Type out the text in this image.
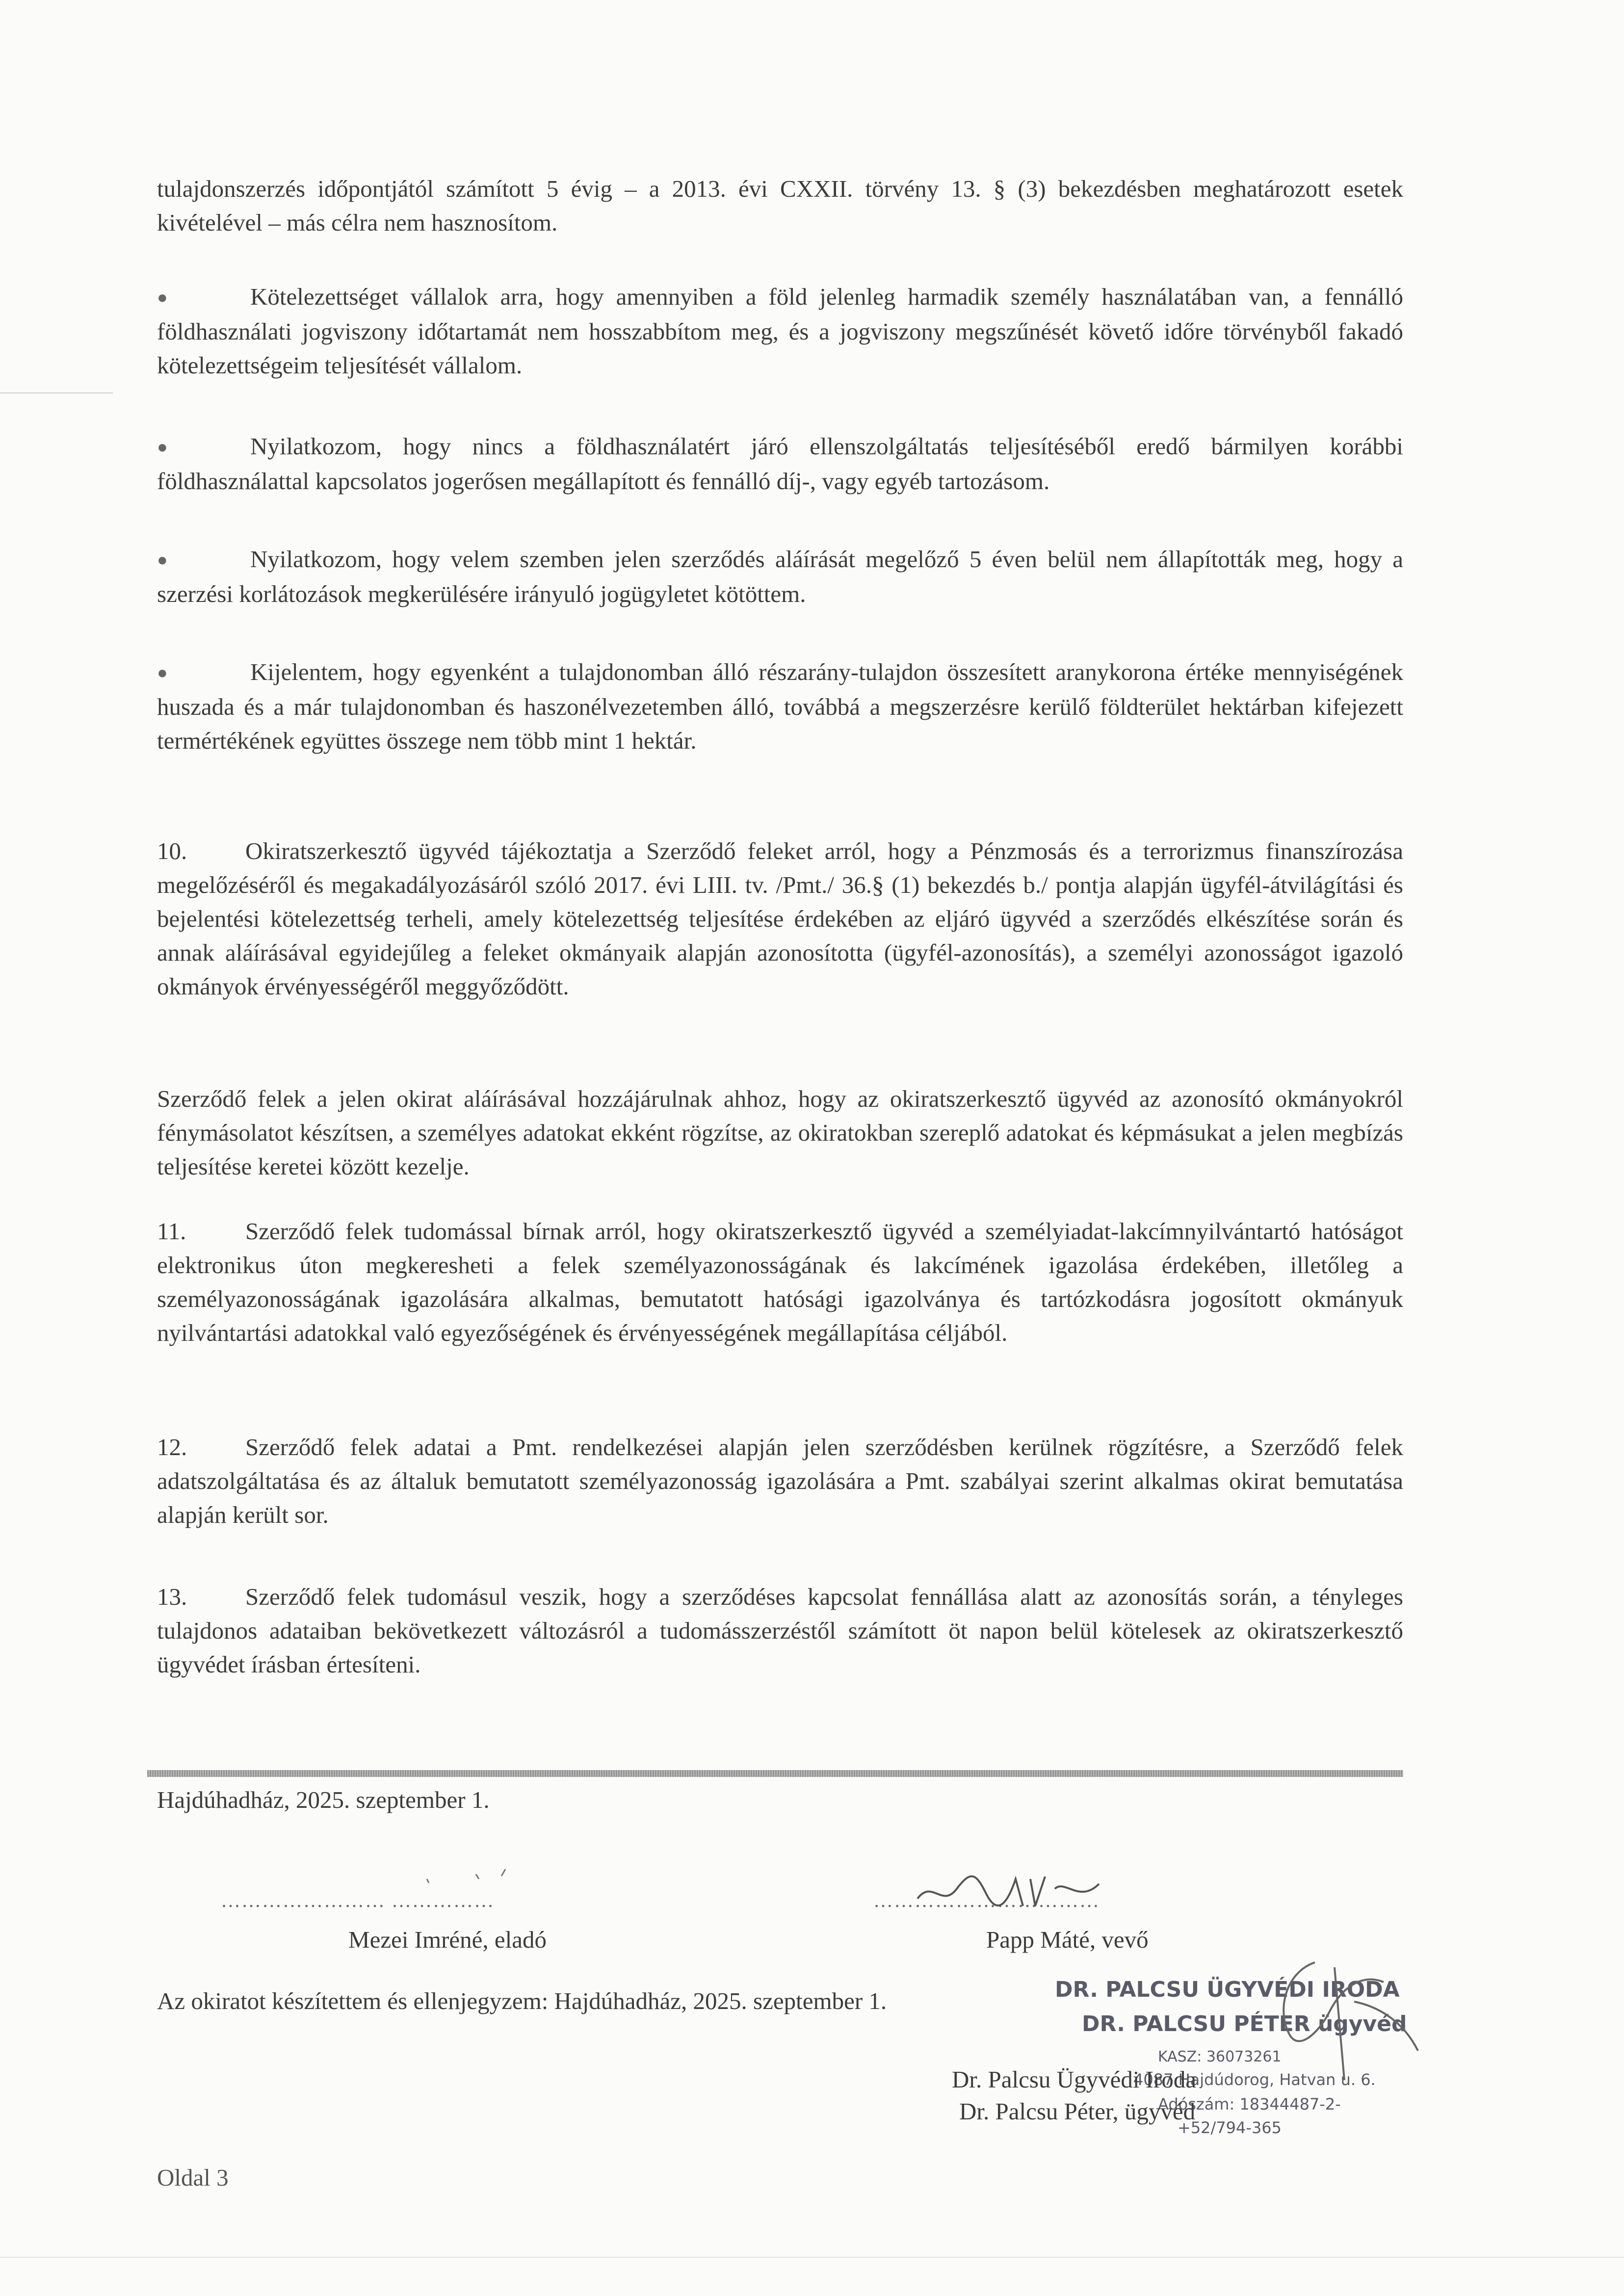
tulajdonszerzés időpontjától számított 5 évig – a 2013. évi CXXII. törvény 13. § (3) bekezdésben meghatározott esetek kivételével – más célra nem hasznosítom.
●	Kötelezettséget vállalok arra, hogy amennyiben a föld jelenleg harmadik személy használatában van, a fennálló földhasználati jogviszony időtartamát nem hosszabbítom meg, és a jogviszony megszűnését követő időre törvényből fakadó kötelezettségeim teljesítését vállalom.
●	Nyilatkozom, hogy nincs a földhasználatért járó ellenszolgáltatás teljesítéséből eredő bármilyen korábbi földhasználattal kapcsolatos jogerősen megállapított és fennálló díj-, vagy egyéb tartozásom.
●	Nyilatkozom, hogy velem szemben jelen szerződés aláírását megelőző 5 éven belül nem állapították meg, hogy a szerzési korlátozások megkerülésére irányuló jogügyletet kötöttem.
●	Kijelentem, hogy egyenként a tulajdonomban álló részarány-tulajdon összesített aranykorona értéke mennyiségének huszada és a már tulajdonomban és haszonélvezetemben álló, továbbá a megszerzésre kerülő földterület hektárban kifejezett termértékének együttes összege nem több mint 1 hektár.
10. Okiratszerkesztő ügyvéd tájékoztatja a Szerződő feleket arról, hogy a Pénzmosás és a terrorizmus finanszírozása megelőzéséről és megakadályozásáról szóló 2017. évi LIII. tv. /Pmt./ 36.§ (1) bekezdés b./ pontja alapján ügyfél-átvilágítási és bejelentési kötelezettség terheli, amely kötelezettség teljesítése érdekében az eljáró ügyvéd a szerződés elkészítése során és annak aláírásával egyidejűleg a feleket okmányaik alapján azonosította (ügyfél-azonosítás), a személyi azonosságot igazoló okmányok érvényességéről meggyőződött.
Szerződő felek a jelen okirat aláírásával hozzájárulnak ahhoz, hogy az okiratszerkesztő ügyvéd az azonosító okmányokról fénymásolatot készítsen, a személyes adatokat ekként rögzítse, az okiratokban szereplő adatokat és képmásukat a jelen megbízás teljesítése keretei között kezelje.
11. Szerződő felek tudomással bírnak arról, hogy okiratszerkesztő ügyvéd a személyiadat-lakcímnyilvántartó hatóságot elektronikus úton megkeresheti a felek személyazonosságának és lakcímének igazolása érdekében, illetőleg a személyazonosságának igazolására alkalmas, bemutatott hatósági igazolványa és tartózkodásra jogosított okmányuk nyilvántartási adatokkal való egyezőségének és érvényességének megállapítása céljából.
12. Szerződő felek adatai a Pmt. rendelkezései alapján jelen szerződésben kerülnek rögzítésre, a Szerződő felek adatszolgáltatása és az általuk bemutatott személyazonosság igazolására a Pmt. szabályai szerint alkalmas okirat bemutatása alapján került sor.
13. Szerződő felek tudomásul veszik, hogy a szerződéses kapcsolat fennállása alatt az azonosítás során, a tényleges tulajdonos adataiban bekövetkezett változásról a tudomásszerzéstől számított öt napon belül kötelesek az okiratszerkesztő ügyvédet írásban értesíteni.
Hajdúhadház, 2025. szeptember 1.
…………………… ……………	……………………………
Mezei Imréné, eladó	Papp Máté, vevő
Az okiratot készítettem és ellenjegyzem: Hajdúhadház, 2025. szeptember 1.	DR. PALCSU ÜGYVÉDI IRODA
DR. PALCSU PÉTER ügyvéd
KASZ: 36073261
4087 Hajdúdorog, Hatvan u. 6.
Adószám: 18344487-2-
+52/794-365
Dr. Palcsu Ügyvédi Iroda
Dr. Palcsu Péter, ügyvéd
Oldal 3
